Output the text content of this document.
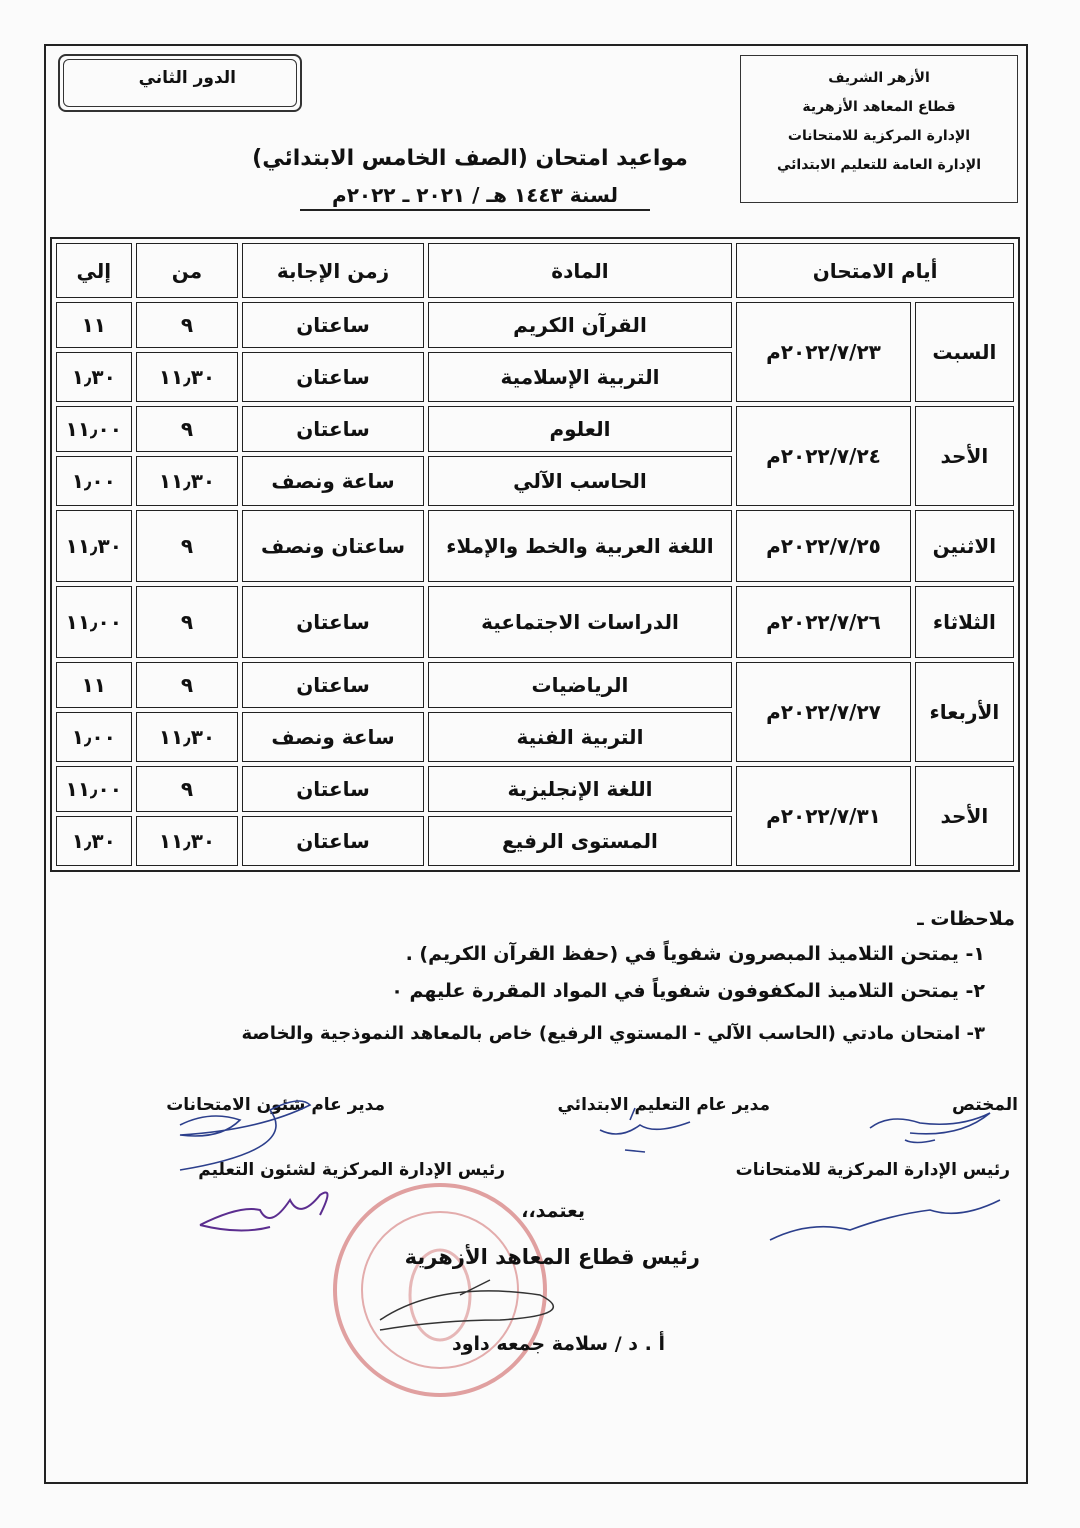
الأزهر الشريف
قطاع المعاهد الأزهرية
الإدارة المركزية للامتحانات
الإدارة العامة للتعليم الابتدائي
الدور الثاني
مواعيد امتحان (الصف الخامس الابتدائي)
لسنة ١٤٤٣ هـ / ٢٠٢١ ـ ٢٠٢٢م
أيام الامتحان		المادة	زمن الإجابة	من	إلي
السبت	٢٠٢٢/٧/٢٣م	القرآن الكريم	ساعتان	٩	١١
		التربية الإسلامية	ساعتان	١١٫٣٠	١٫٣٠
الأحد	٢٠٢٢/٧/٢٤م	العلوم	ساعتان	٩	١١٫٠٠
		الحاسب الآلي	ساعة ونصف	١١٫٣٠	١٫٠٠
الاثنين	٢٠٢٢/٧/٢٥م	اللغة العربية والخط والإملاء	ساعتان ونصف	٩	١١٫٣٠
الثلاثاء	٢٠٢٢/٧/٢٦م	الدراسات الاجتماعية	ساعتان	٩	١١٫٠٠
الأربعاء	٢٠٢٢/٧/٢٧م	الرياضيات	ساعتان	٩	١١
		التربية الفنية	ساعة ونصف	١١٫٣٠	١٫٠٠
الأحد	٢٠٢٢/٧/٣١م	اللغة الإنجليزية	ساعتان	٩	١١٫٠٠
		المستوى الرفيع	ساعتان	١١٫٣٠	١٫٣٠
ملاحظات ـ
١- يمتحن التلاميذ المبصرون شفوياً في (حفظ القرآن الكريم) .
٢- يمتحن التلاميذ المكفوفون شفوياً في المواد المقررة عليهم ٠
٣- امتحان مادتي (الحاسب الآلي - المستوي الرفيع) خاص بالمعاهد النموذجية والخاصة
المختص
مدير عام التعليم الابتدائي
مدير عام شئون الامتحانات
رئيس الإدارة المركزية للامتحانات
رئيس الإدارة المركزية لشئون التعليم
يعتمد،،
رئيس قطاع المعاهد الأزهرية
أ . د / سلامة جمعه داود
